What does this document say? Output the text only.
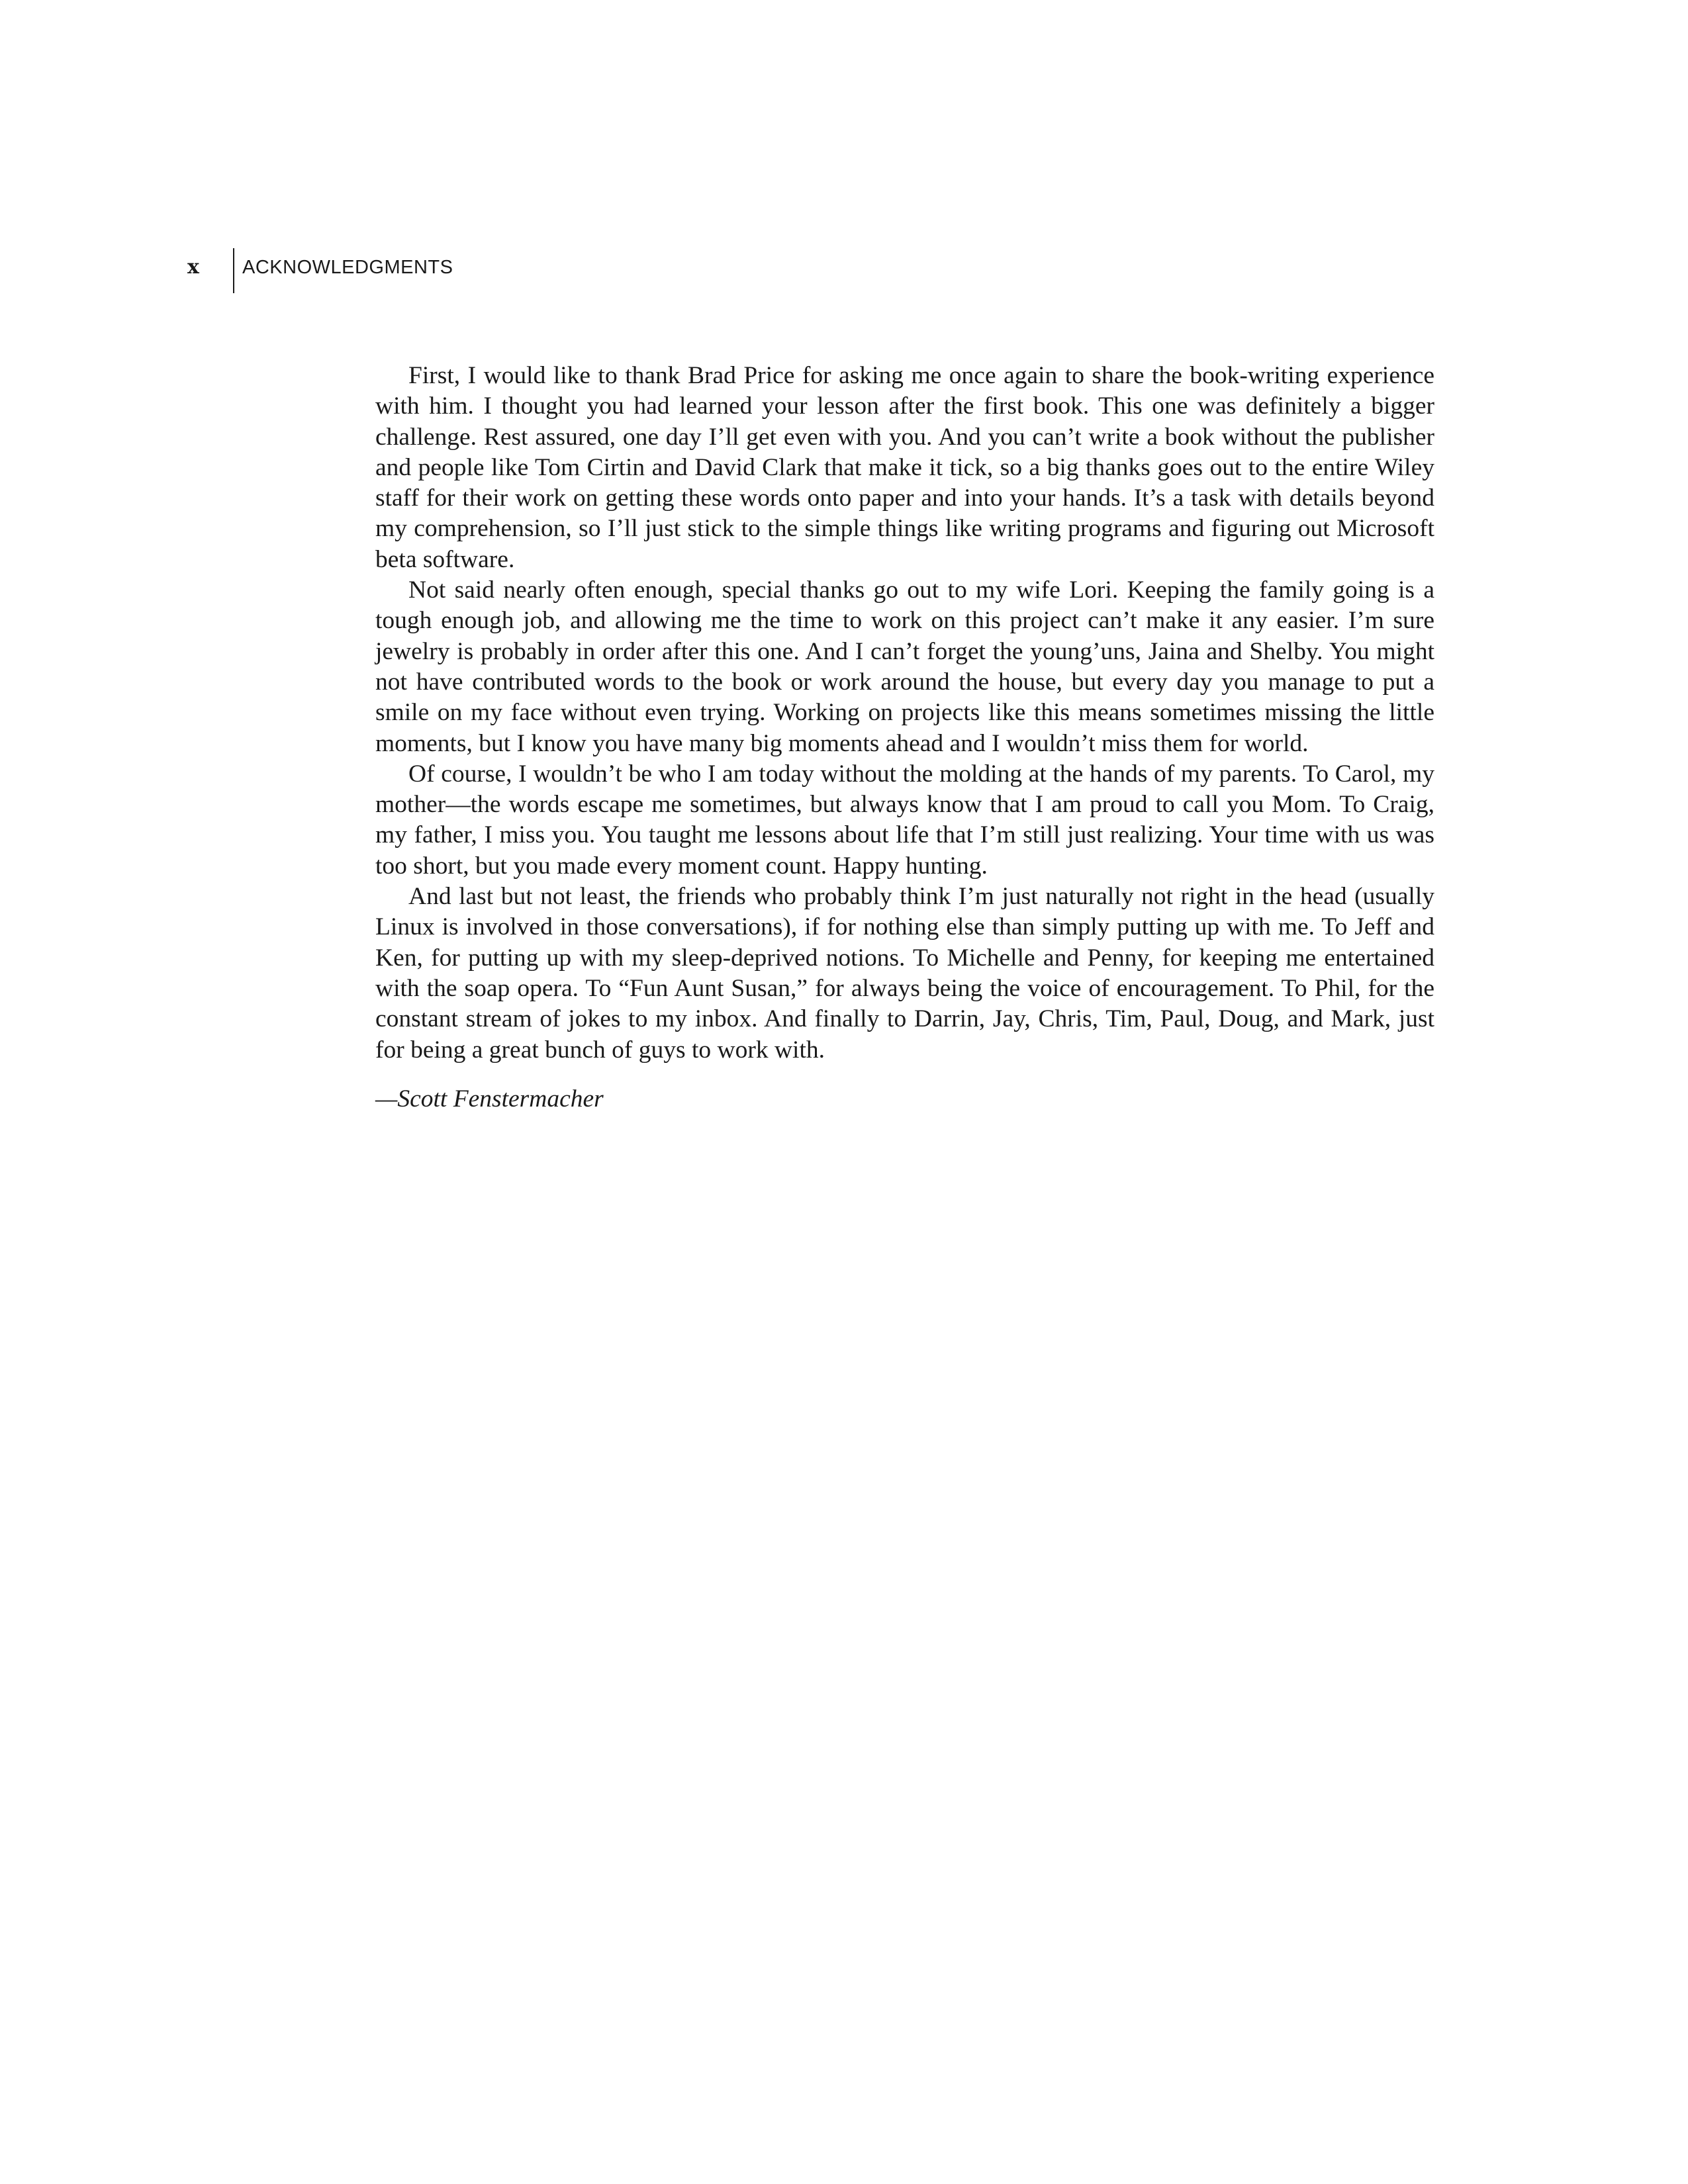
x ACKNOWLEDGMENTS

First, I would like to thank Brad Price for asking me once again to share the book-writing experience with him. I thought you had learned your lesson after the first book. This one was definitely a bigger challenge. Rest assured, one day I’ll get even with you. And you can’t write a book without the publisher and people like Tom Cirtin and David Clark that make it tick, so a big thanks goes out to the entire Wiley staff for their work on getting these words onto paper and into your hands. It’s a task with details beyond my comprehension, so I’ll just stick to the simple things like writing programs and figuring out Microsoft beta software.

Not said nearly often enough, special thanks go out to my wife Lori. Keeping the family going is a tough enough job, and allowing me the time to work on this project can’t make it any easier. I’m sure jewelry is probably in order after this one. And I can’t forget the young’uns, Jaina and Shelby. You might not have contributed words to the book or work around the house, but every day you manage to put a smile on my face without even trying. Working on projects like this means sometimes missing the little moments, but I know you have many big moments ahead and I wouldn’t miss them for world.

Of course, I wouldn’t be who I am today without the molding at the hands of my parents. To Carol, my mother—the words escape me sometimes, but always know that I am proud to call you Mom. To Craig, my father, I miss you. You taught me lessons about life that I’m still just realizing. Your time with us was too short, but you made every moment count. Happy hunting.

And last but not least, the friends who probably think I’m just naturally not right in the head (usually Linux is involved in those conversations), if for nothing else than simply putting up with me. To Jeff and Ken, for putting up with my sleep-deprived notions. To Michelle and Penny, for keeping me entertained with the soap opera. To “Fun Aunt Susan,” for always being the voice of encouragement. To Phil, for the constant stream of jokes to my inbox. And finally to Darrin, Jay, Chris, Tim, Paul, Doug, and Mark, just for being a great bunch of guys to work with.

—Scott Fenstermacher
